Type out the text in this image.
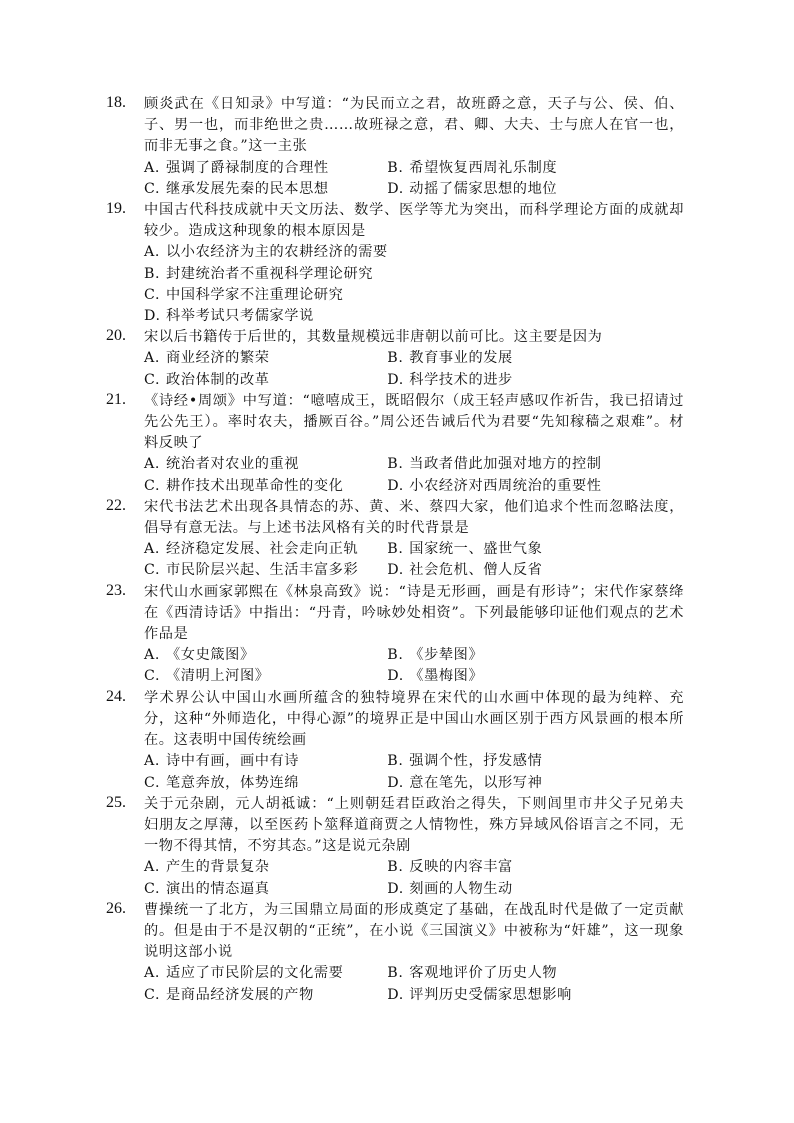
18.	顾炎武在《日知录》中写道：“为民而立之君，故班爵之意，天子与公、侯、伯、子、男一也，而非绝世之贵……故班禄之意，君、卿、大夫、士与庶人在官一也，而非无事之食。”这一主张
A. 强调了爵禄制度的合理性	B. 希望恢复西周礼乐制度
C. 继承发展先秦的民本思想	D. 动摇了儒家思想的地位
19.	中国古代科技成就中天文历法、数学、医学等尤为突出，而科学理论方面的成就却较少。造成这种现象的根本原因是
A. 以小农经济为主的农耕经济的需要
B. 封建统治者不重视科学理论研究
C. 中国科学家不注重理论研究
D. 科举考试只考儒家学说
20.	宋以后书籍传于后世的，其数量规模远非唐朝以前可比。这主要是因为
A. 商业经济的繁荣	B. 教育事业的发展
C. 政治体制的改革	D. 科学技术的进步
21.	《诗经•周颂》中写道：“噫嘻成王，既昭假尔（成王轻声感叹作祈告，我已招请过先公先王）。率时农夫，播厥百谷。”周公还告诫后代为君要“先知稼穑之艰难”。材料反映了
A. 统治者对农业的重视	B. 当政者借此加强对地方的控制
C. 耕作技术出现革命性的变化	D. 小农经济对西周统治的重要性
22.	宋代书法艺术出现各具情态的苏、黄、米、蔡四大家，他们追求个性而忽略法度，倡导有意无法。与上述书法风格有关的时代背景是
A. 经济稳定发展、社会走向正轨	B. 国家统一、盛世气象
C. 市民阶层兴起、生活丰富多彩	D. 社会危机、僧人反省
23.	宋代山水画家郭熙在《林泉高致》说：“诗是无形画，画是有形诗”；宋代作家蔡绛在《西清诗话》中指出：“丹青，吟咏妙处相资”。下列最能够印证他们观点的艺术作品是
A. 《女史箴图》	B. 《步辇图》
C. 《清明上河图》	D. 《墨梅图》
24.	学术界公认中国山水画所蕴含的独特境界在宋代的山水画中体现的最为纯粹、充分，这种“外师造化，中得心源”的境界正是中国山水画区别于西方风景画的根本所在。这表明中国传统绘画
A. 诗中有画，画中有诗	B. 强调个性，抒发感情
C. 笔意奔放，体势连绵	D. 意在笔先，以形写神
25.	关于元杂剧，元人胡祗诚：“上则朝廷君臣政治之得失，下则闾里市井父子兄弟夫妇朋友之厚薄，以至医药卜筮释道商贾之人情物性，殊方异域风俗语言之不同，无一物不得其情，不穷其态。”这是说元杂剧
A. 产生的背景复杂	B. 反映的内容丰富
C. 演出的情态逼真	D. 刻画的人物生动
26.	曹操统一了北方，为三国鼎立局面的形成奠定了基础，在战乱时代是做了一定贡献的。但是由于不是汉朝的“正统”，在小说《三国演义》中被称为“奸雄”，这一现象说明这部小说
A. 适应了市民阶层的文化需要	B. 客观地评价了历史人物
C. 是商品经济发展的产物	D. 评判历史受儒家思想影响
